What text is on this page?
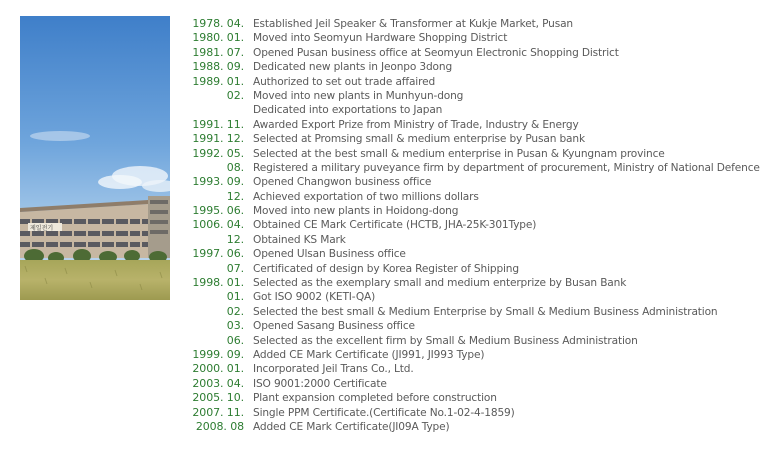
제일전기
1978. 04. Established Jeil Speaker & Transformer at Kukje Market, Pusan
1980. 01. Moved into Seomyun Hardware Shopping District
1981. 07. Opened Pusan business office at Seomyun Electronic Shopping District
1988. 09. Dedicated new plants in Jeonpo 3dong
1989. 01. Authorized to set out trade affaired
02. Moved into new plants in Munhyun-dong
Dedicated into exportations to Japan
1991. 11. Awarded Export Prize from Ministry of Trade, Industry & Energy
1991. 12. Selected at Promsing small & medium enterprise by Pusan bank
1992. 05. Selected at the best small & medium enterprise in Pusan & Kyungnam province
08. Registered a military puveyance firm by department of procurement, Ministry of National Defence
1993. 09. Opened Changwon business office
12. Achieved exportation of two millions dollars
1995. 06. Moved into new plants in Hoidong-dong
1006. 04. Obtained CE Mark Certificate (HCTB, JHA-25K-301Type)
12. Obtained KS Mark
1997. 06. Opened Ulsan Business office
07. Certificated of design by Korea Register of Shipping
1998. 01. Selected as the exemplary small and medium enterprize by Busan Bank
01. Got ISO 9002 (KETI-QA)
02. Selected the best small & Medium Enterprise by Small & Medium Business Administration
03. Opened Sasang Business office
06. Selected as the excellent firm by Small & Medium Business Administration
1999. 09. Added CE Mark Certificate (JI991, JI993 Type)
2000. 01. Incorporated Jeil Trans Co., Ltd.
2003. 04. ISO 9001:2000 Certificate
2005. 10. Plant expansion completed before construction
2007. 11. Single PPM Certificate.(Certificate No.1-02-4-1859)
2008. 08 Added CE Mark Certificate(JI09A Type)
